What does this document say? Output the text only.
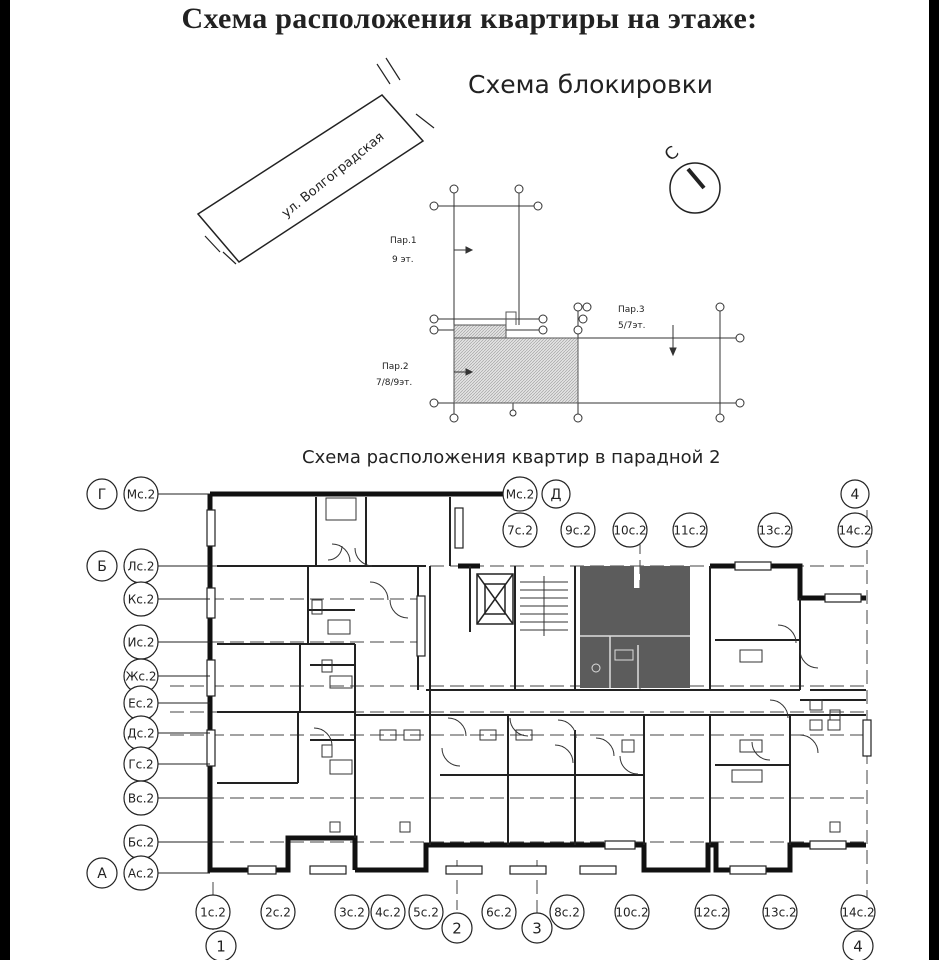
Схема расположения квартиры на этаже:
Схема блокировки
Схема расположения квартир в парадной 2
ул. Волгоградская	С
Пар.1
9 эт.
Пар.2
7/8/9эт.
Пар.3
5/7эт.
Г Мс.2
Б Лс.2
Кс.2
Ис.2
Жс.2
Ес.2
Дс.2
Гс.2
Вс.2
Бс.2
А Ас.2
Мс.2 Д
7с.2	9с.2 10с.2 11с.2	13с.2	14с.2
4
1с.2	2с.2	3с.2 4с.2 5с.2	6с.2	8с.2	10с.2	12с.2	13с.2	14с.2
1
2	3
4
